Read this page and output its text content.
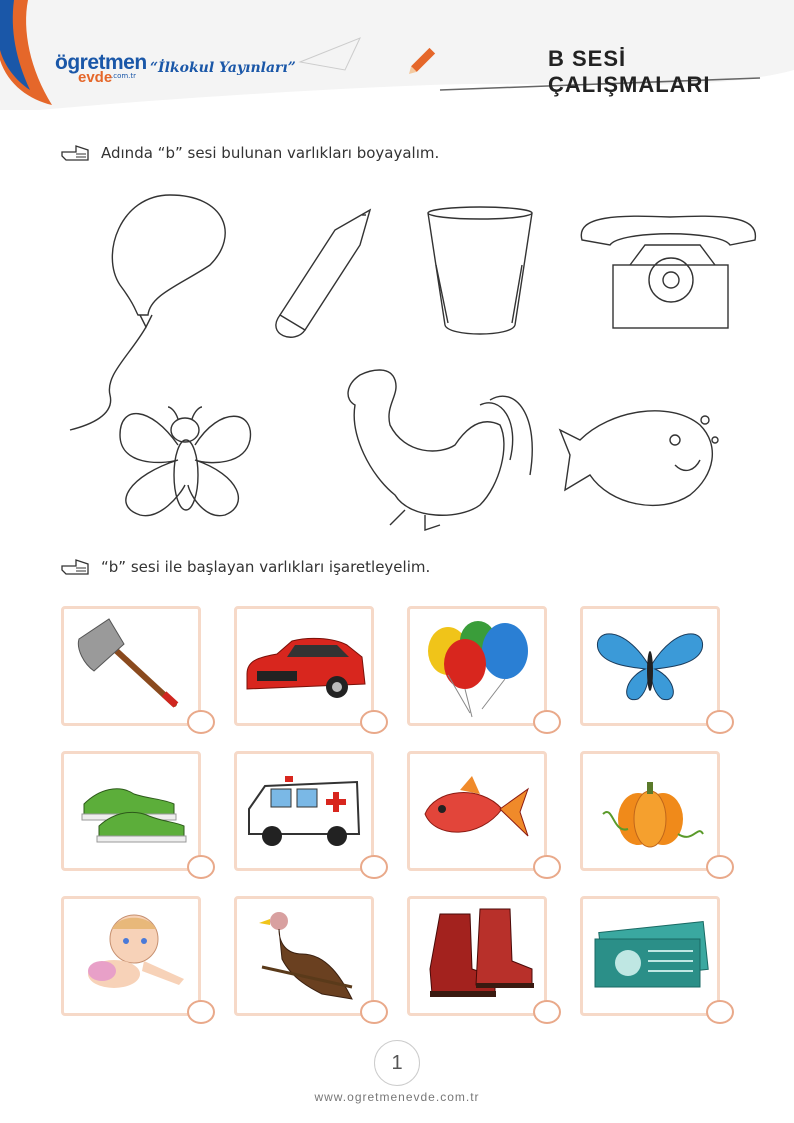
ögretmen
evde
.com.tr “İlkokul Yayınları”	B SESİ ÇALIŞMALARI
Adında “b” sesi bulunan varlıkları boyayalım.
“b” sesi ile başlayan varlıkları işaretleyelim.
1
www.ogretmenevde.com.tr
